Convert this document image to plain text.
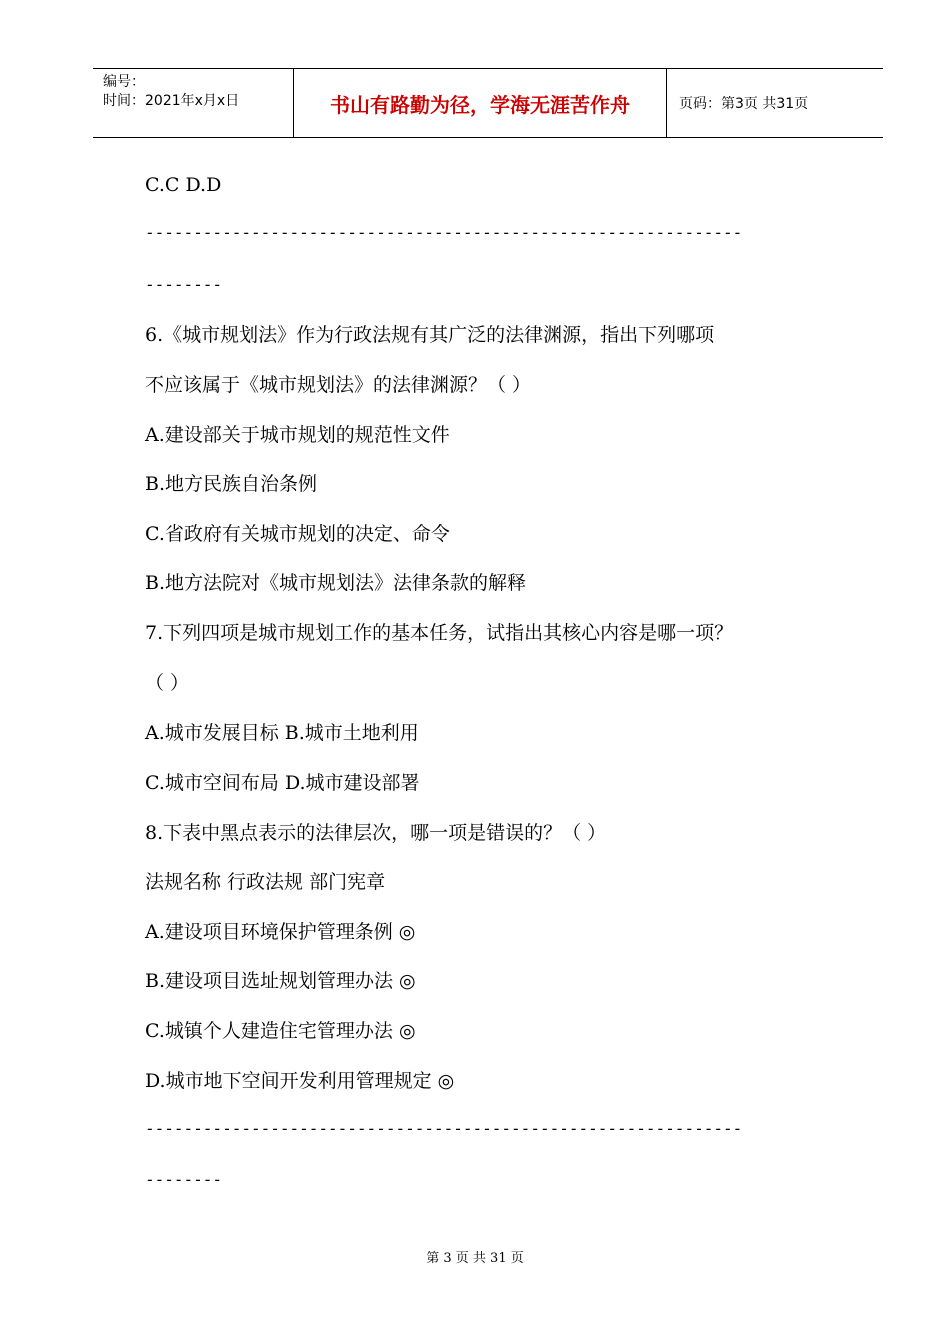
编号：
时间：2021年x月x日	书山有路勤为径，学海无涯苦作舟	页码：第3页 共31页
C.C D.D
--------------------------------------------------------------
--------
6.《城市规划法》作为行政法规有其广泛的法律渊源，指出下列哪项
不应该属于《城市规划法》的法律渊源？（ ）
A.建设部关于城市规划的规范性文件
B.地方民族自治条例
C.省政府有关城市规划的决定、命令
B.地方法院对《城市规划法》法律条款的解释
7.下列四项是城市规划工作的基本任务，试指出其核心内容是哪一项？
（ ）
A.城市发展目标 B.城市土地利用
C.城市空间布局 D.城市建设部署
8.下表中黑点表示的法律层次，哪一项是错误的？（ ）
法规名称 行政法规 部门宪章
A.建设项目环境保护管理条例 ◎
B.建设项目选址规划管理办法 ◎
C.城镇个人建造住宅管理办法 ◎
D.城市地下空间开发利用管理规定 ◎
--------------------------------------------------------------
--------
第 3 页 共 31 页
